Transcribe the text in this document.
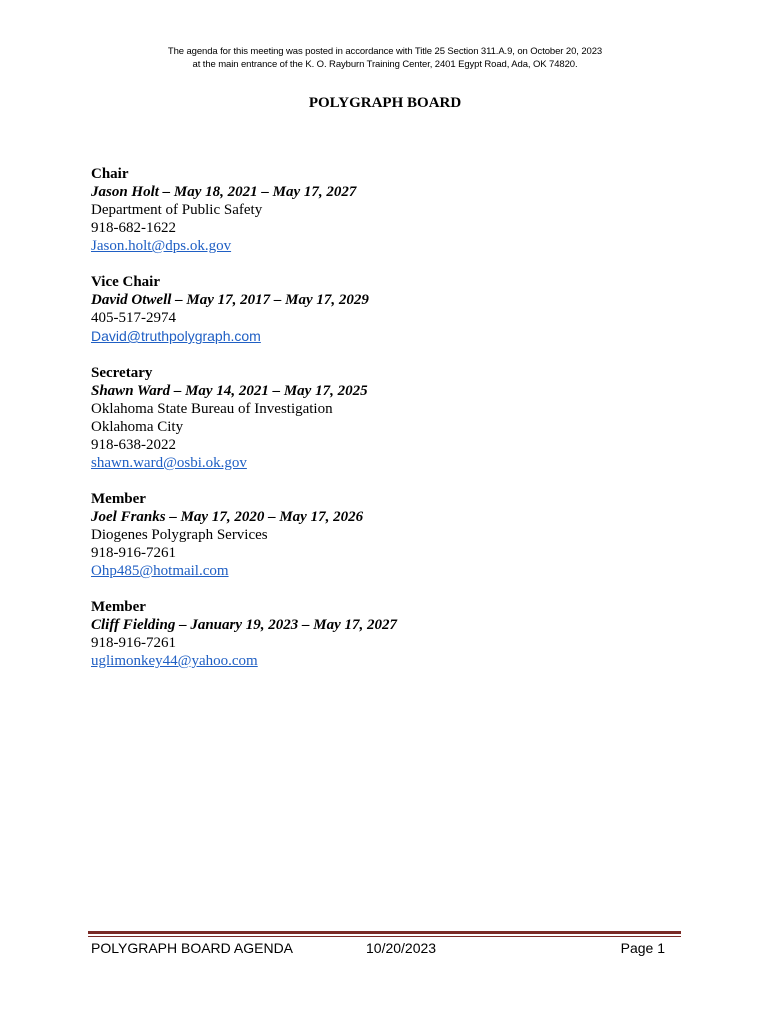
The agenda for this meeting was posted in accordance with Title 25 Section 311.A.9, on October 20, 2023
at the main entrance of the K. O. Rayburn Training Center, 2401 Egypt Road, Ada, OK 74820.
POLYGRAPH BOARD
Chair
Jason Holt – May 18, 2021 – May 17, 2027
Department of Public Safety
918-682-1622
Jason.holt@dps.ok.gov
Vice Chair
David Otwell – May 17, 2017 – May 17, 2029
405-517-2974
David@truthpolygraph.com
Secretary
Shawn Ward – May 14, 2021 – May 17, 2025
Oklahoma State Bureau of Investigation
Oklahoma City
918-638-2022
shawn.ward@osbi.ok.gov
Member
Joel Franks – May 17, 2020 – May 17, 2026
Diogenes Polygraph Services
918-916-7261
Ohp485@hotmail.com
Member
Cliff Fielding – January 19, 2023 – May 17, 2027
918-916-7261
uglimonkey44@yahoo.com
POLYGRAPH BOARD AGENDA	10/20/2023	Page 1
